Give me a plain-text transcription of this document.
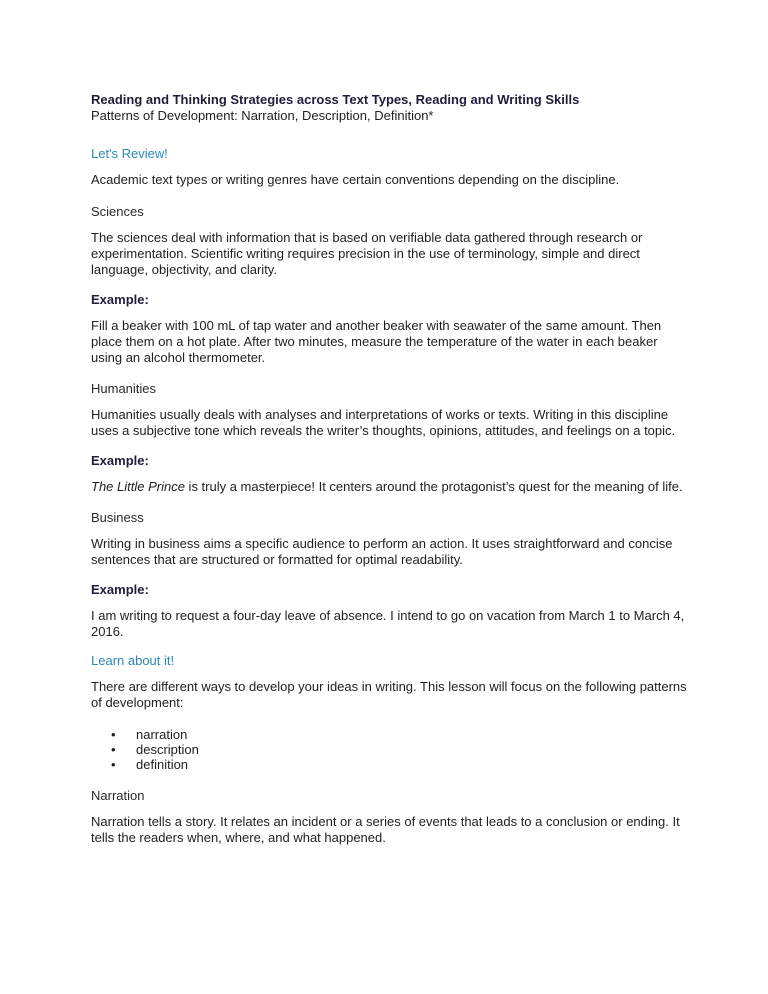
Reading and Thinking Strategies across Text Types, Reading and Writing Skills
Patterns of Development: Narration, Description, Definition*
Let's Review!
Academic text types or writing genres have certain conventions depending on the discipline.
Sciences
The sciences deal with information that is based on verifiable data gathered through research or experimentation. Scientific writing requires precision in the use of terminology, simple and direct language, objectivity, and clarity.
Example:
Fill a beaker with 100 mL of tap water and another beaker with seawater of the same amount. Then place them on a hot plate. After two minutes, measure the temperature of the water in each beaker using an alcohol thermometer.
Humanities
Humanities usually deals with analyses and interpretations of works or texts. Writing in this discipline uses a subjective tone which reveals the writer’s thoughts, opinions, attitudes, and feelings on a topic.
Example:
The Little Prince is truly a masterpiece! It centers around the protagonist’s quest for the meaning of life.
Business
Writing in business aims a specific audience to perform an action. It uses straightforward and concise sentences that are structured or formatted for optimal readability.
Example:
I am writing to request a four-day leave of absence. I intend to go on vacation from March 1 to March 4, 2016.
Learn about it!
There are different ways to develop your ideas in writing. This lesson will focus on the following patterns of development:
• narration
• description
• definition
Narration
Narration tells a story. It relates an incident or a series of events that leads to a conclusion or ending. It tells the readers when, where, and what happened.
